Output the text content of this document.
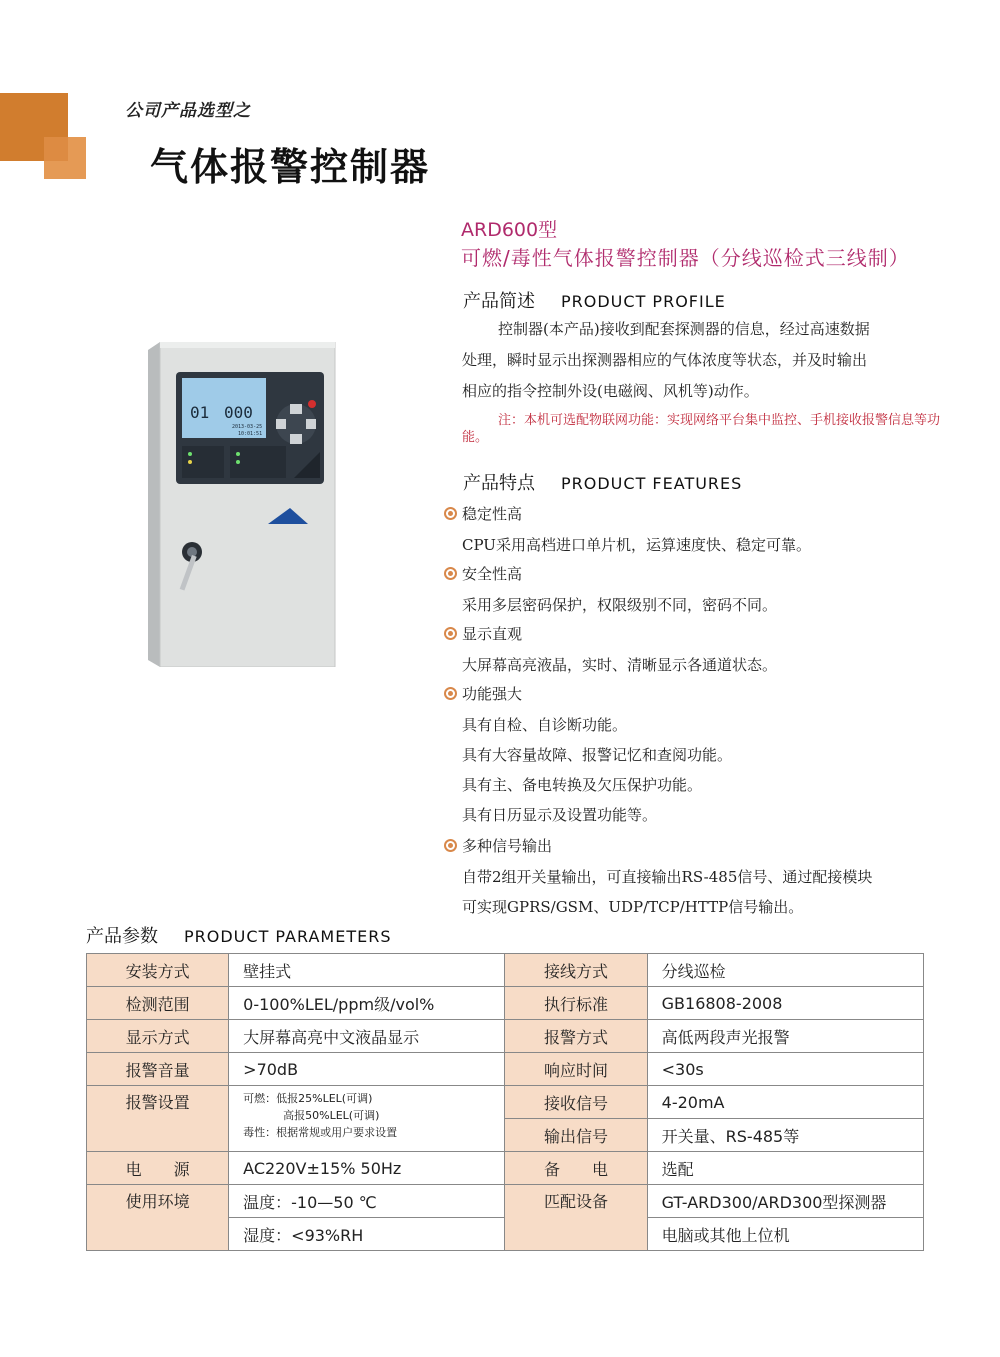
公司产品选型之
气体报警控制器
ARD600型
可燃/毒性气体报警控制器（分线巡检式三线制）
01 000
2013-03-25
10:01:51
产品简述 PRODUCT PROFILE
控制器(本产品)接收到配套探测器的信息，经过高速数据
处理，瞬时显示出探测器相应的气体浓度等状态，并及时输出
相应的指令控制外设(电磁阀、风机等)动作。
注：本机可选配物联网功能：实现网络平台集中监控、手机接收报警信息等功能。
产品特点 PRODUCT FEATURES
稳定性高
CPU采用高档进口单片机，运算速度快、稳定可靠。
安全性高
采用多层密码保护，权限级别不同，密码不同。
显示直观
大屏幕高亮液晶，实时、清晰显示各通道状态。
功能强大
具有自检、自诊断功能。
具有大容量故障、报警记忆和查阅功能。
具有主、备电转换及欠压保护功能。
具有日历显示及设置功能等。
多种信号输出
自带2组开关量输出，可直接输出RS-485信号、通过配接模块
可实现GPRS/GSM、UDP/TCP/HTTP信号输出。
产品参数 PRODUCT PARAMETERS
安装方式	壁挂式	接线方式	分线巡检
检测范围	0-100%LEL/ppm级/vol%	执行标准	GB16808-2008
显示方式	大屏幕高亮中文液晶显示	报警方式	高低两段声光报警
报警音量	>70dB	响应时间	<30s
报警设置	可燃：低报25%LEL(可调)
高报50%LEL(可调)
毒性：根据常规或用户要求设置	接收信号	4-20mA
		输出信号	开关量、RS-485等
电　　源	AC220V±15% 50Hz	备　　电	选配
使用环境	温度：-10—50 ℃	匹配设备	GT-ARD300/ARD300型探测器
	湿度：<93%RH		电脑或其他上位机
